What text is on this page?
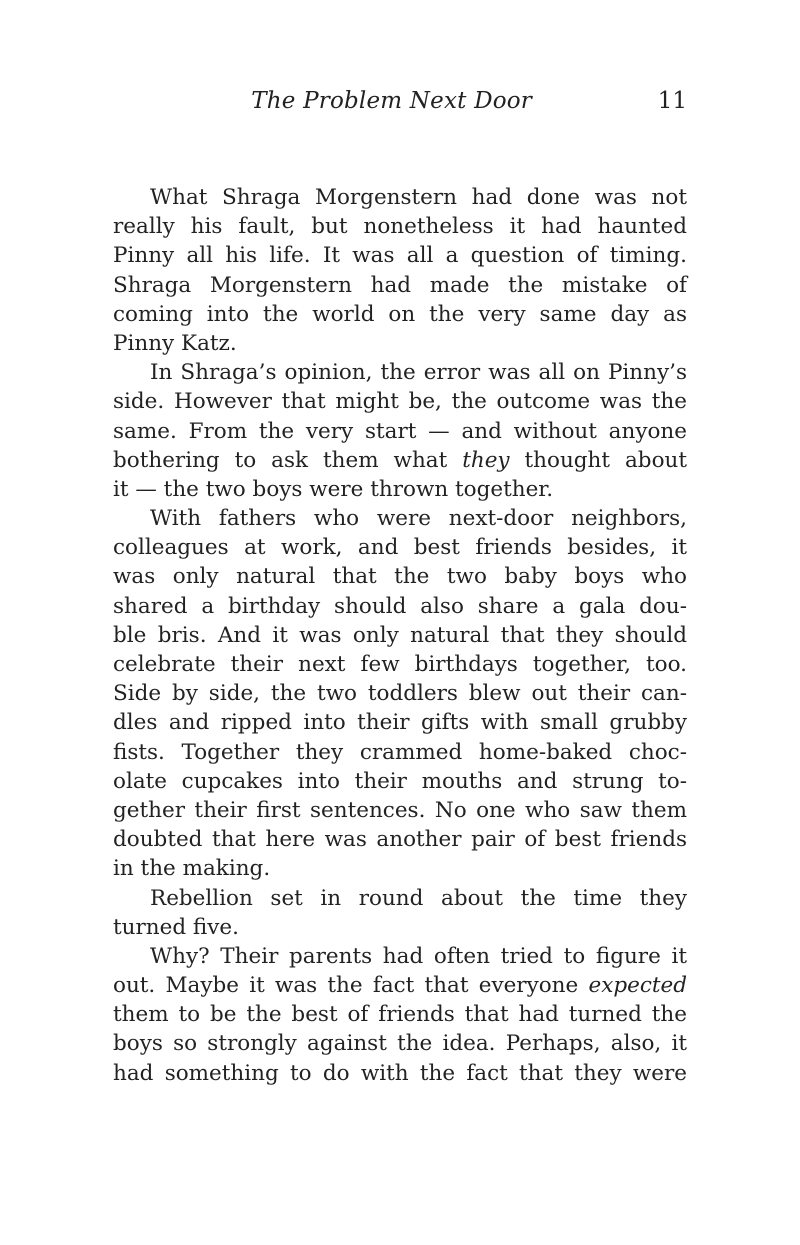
The Problem Next Door	11
What Shraga Morgenstern had done was not
really his fault, but nonetheless it had haunted
Pinny all his life. It was all a question of timing.
Shraga Morgenstern had made the mistake of
coming into the world on the very same day as
Pinny Katz.
In Shraga’s opinion, the error was all on Pinny’s
side. However that might be, the outcome was the
same. From the very start — and without anyone
bothering to ask them what they thought about
it — the two boys were thrown together.
With fathers who were next-door neighbors,
colleagues at work, and best friends besides, it
was only natural that the two baby boys who
shared a birthday should also share a gala dou-
ble bris. And it was only natural that they should
celebrate their next few birthdays together, too.
Side by side, the two toddlers blew out their can-
dles and ripped into their gifts with small grubby
fists. Together they crammed home-baked choc-
olate cupcakes into their mouths and strung to-
gether their first sentences. No one who saw them
doubted that here was another pair of best friends
in the making.
Rebellion set in round about the time they
turned five.
Why? Their parents had often tried to figure it
out. Maybe it was the fact that everyone expected
them to be the best of friends that had turned the
boys so strongly against the idea. Perhaps, also, it
had something to do with the fact that they were
